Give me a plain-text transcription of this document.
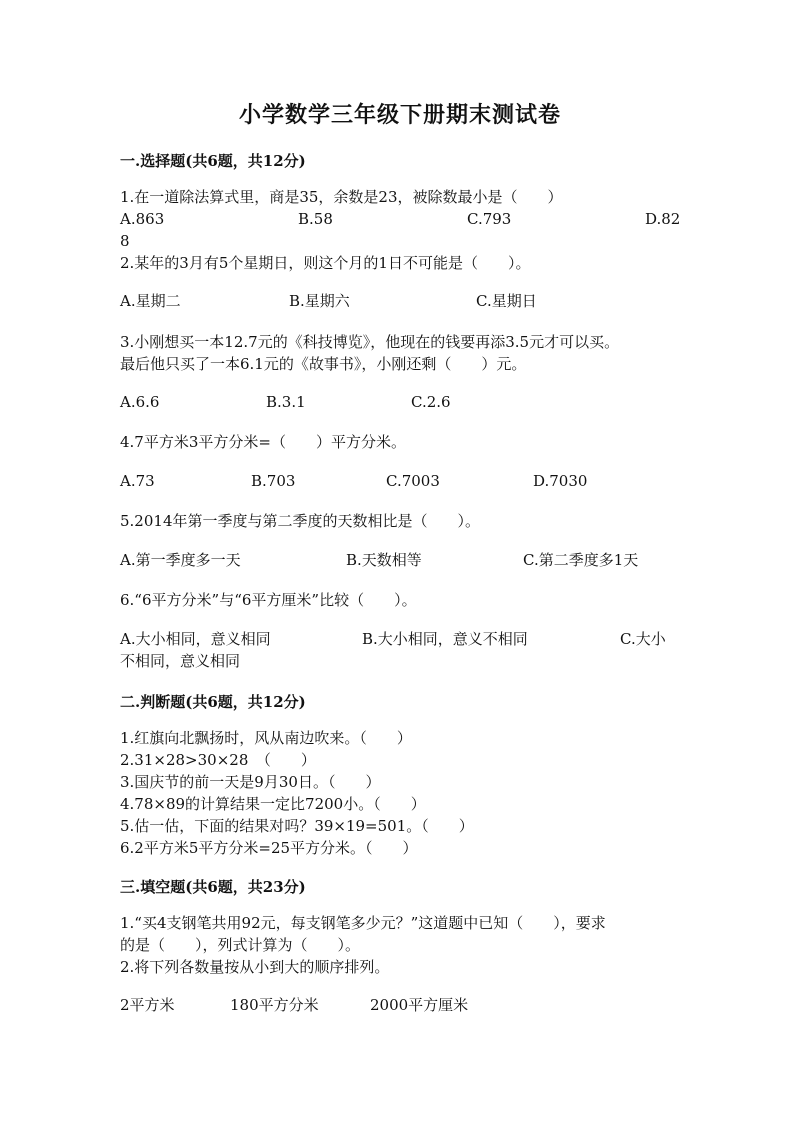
小学数学三年级下册期末测试卷
一.选择题(共6题，共12分)
1.在一道除法算式里，商是35，余数是23，被除数最小是（　　）
A.863	B.58	C.793	D.82
8
2.某年的3月有5个星期日，则这个月的1日不可能是（　　）。
A.星期二	B.星期六	C.星期日
3.小刚想买一本12.7元的《科技博览》，他现在的钱要再添3.5元才可以买。
最后他只买了一本6.1元的《故事书》，小刚还剩（　　）元。
A.6.6	B.3.1	C.2.6
4.7平方米3平方分米=（　　）平方分米。
A.73	B.703	C.7003	D.7030
5.2014年第一季度与第二季度的天数相比是（　　）。
A.第一季度多一天	B.天数相等	C.第二季度多1天
6.“6平方分米”与“6平方厘米”比较（　　）。
A.大小相同，意义相同	B.大小相同，意义不相同	C.大小
不相同，意义相同
二.判断题(共6题，共12分)
1.红旗向北飘扬时，风从南边吹来。（　　）
2.31×28>30×28　（　　）
3.国庆节的前一天是9月30日。（　　）
4.78×89的计算结果一定比7200小。（　　）
5.估一估，下面的结果对吗？39×19=501。（　　）
6.2平方米5平方分米=25平方分米。（　　）
三.填空题(共6题，共23分)
1.“买4支钢笔共用92元，每支钢笔多少元？”这道题中已知（　　），要求
的是（　　），列式计算为（　　）。
2.将下列各数量按从小到大的顺序排列。
2平方米	180平方分米	2000平方厘米
